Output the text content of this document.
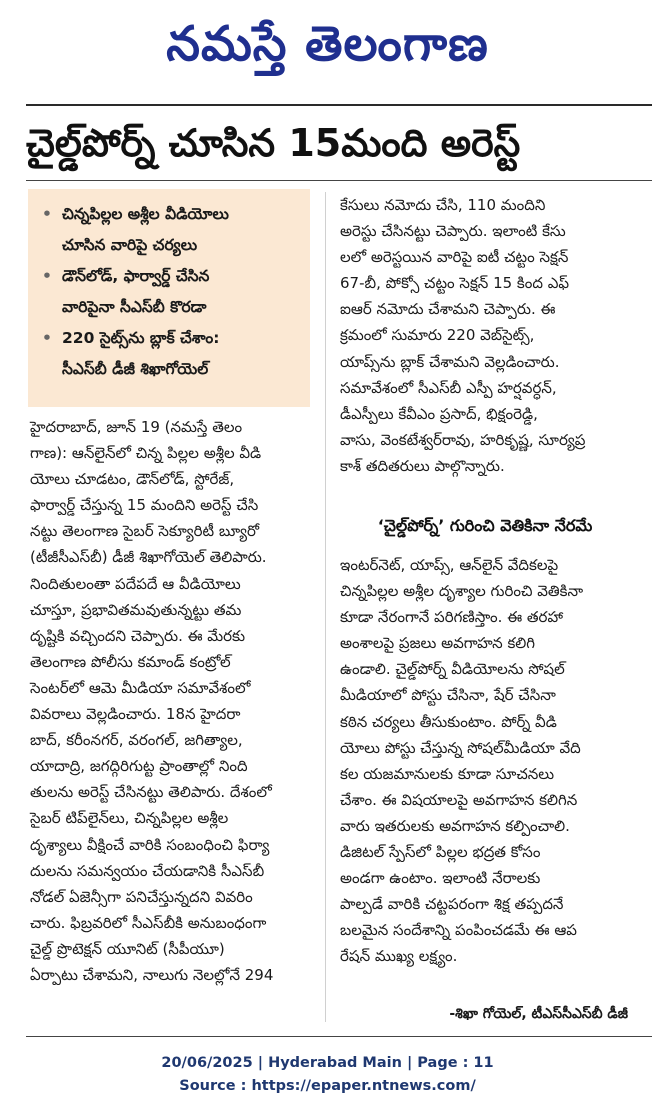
నమస్తే తెలంగాణ
చైల్డ్‌పోర్న్‌ చూసిన 15మంది అరెస్ట్
• చిన్నపిల్లల అశ్లీల వీడియోలు
చూసిన వారిపై చర్యలు
• డౌన్‌లోడ్, ఫార్వార్డ్ చేసిన
వారిపైనా సీఎస్‌బీ కొరడా
• 220 సైట్స్‌ను బ్లాక్ చేశాం:
సీఎస్‌బీ డీజీ శిఖాగోయెల్
హైదరాబాద్, జూన్ 19 (నమస్తే తెలం
గాణ): ఆన్‌లైన్‌లో చిన్న పిల్లల అశ్లీల వీడి
యోలు చూడటం, డౌన్‌లోడ్, స్టోరేజ్,
ఫార్వార్డ్ చేస్తున్న 15 మందిని అరెస్ట్ చేసి
నట్టు తెలంగాణ సైబర్ సెక్యూరిటీ బ్యూరో
(టీజీసీఎస్‌బీ) డీజీ శిఖాగోయెల్ తెలిపారు.
నిందితులంతా పదేపదే ఆ వీడియోలు
చూస్తూ, ప్రభావితమవుతున్నట్టు తమ
దృష్టికి వచ్చిందని చెప్పారు. ఈ మేరకు
తెలంగాణ పోలీసు కమాండ్ కంట్రోల్
సెంటర్‌లో ఆమె మీడియా సమావేశంలో
వివరాలు వెల్లడించారు. 18న హైదరా
బాద్, కరీంనగర్, వరంగల్, జగిత్యాల,
యాదాద్రి, జగద్గిరిగుట్ట ప్రాంతాల్లో నింది
తులను అరెస్ట్ చేసినట్టు తెలిపారు. దేశంలో
సైబర్ టిప్‌లైన్‌లు, చిన్నపిల్లల అశ్లీల
దృశ్యాలు వీక్షించే వారికి సంబంధించి ఫిర్యా
దులను సమన్వయం చేయడానికి సీఎస్‌బీ
నోడల్ ఏజెన్సీగా పనిచేస్తున్నదని వివరిం
చారు. ఫిబ్రవరిలో సీఎస్‌బీకి అనుబంధంగా
చైల్డ్ ప్రొటెక్షన్ యూనిట్ (సీపీయూ)
ఏర్పాటు చేశామని, నాలుగు నెలల్లోనే 294
కేసులు నమోదు చేసి, 110 మందిని
అరెస్టు చేసినట్టు చెప్పారు. ఇలాంటి కేసు
లలో అరెస్టయిన వారిపై ఐటీ చట్టం సెక్షన్
67-బీ, పోక్సో చట్టం సెక్షన్ 15 కింద ఎఫ్
ఐఆర్ నమోదు చేశామని చెప్పారు. ఈ
క్రమంలో సుమారు 220 వెబ్‌సైట్స్,
యాప్స్‌ను బ్లాక్ చేశామని వెల్లడించారు.
సమావేశంలో సీఎస్‌బీ ఎస్పీ హర్షవర్ధన్,
డీఎస్పీలు కేవీఎం ప్రసాద్, భిక్షంరెడ్డి,
వాసు, వెంకటేశ్వర్‌రావు, హరికృష్ణ, సూర్యప్ర
కాశ్ తదితరులు పాల్గొన్నారు.
‘చైల్డ్‌పోర్న్’ గురించి వెతికినా నేరమే
ఇంటర్‌నెట్, యాప్స్, ఆన్‌లైన్ వేదికలపై
చిన్నపిల్లల అశ్లీల దృశ్యాల గురించి వెతికినా
కూడా నేరంగానే పరిగణిస్తాం. ఈ తరహా
అంశాలపై ప్రజలు అవగాహన కలిగి
ఉండాలి. చైల్డ్‌పోర్న్ వీడియోలను సోషల్
మీడియాలో పోస్టు చేసినా, షేర్ చేసినా
కఠిన చర్యలు తీసుకుంటాం. పోర్న్ వీడి
యోలు పోస్టు చేస్తున్న సోషల్‌మీడియా వేది
కల యజమానులకు కూడా సూచనలు
చేశాం. ఈ విషయాలపై అవగాహన కలిగిన
వారు ఇతరులకు అవగాహన కల్పించాలి.
డిజిటల్ స్పేస్‌లో పిల్లల భద్రత కోసం
అండగా ఉంటాం. ఇలాంటి నేరాలకు
పాల్పడే వారికి చట్టపరంగా శిక్ష తప్పదనే
బలమైన సందేశాన్ని పంపించడమే ఈ ఆప
రేషన్ ముఖ్య లక్ష్యం.
-శిఖా గోయెల్, టీఎస్‌సీఎస్‌బీ డీజీ
20/06/2025 | Hyderabad Main | Page : 11
Source : https://epaper.ntnews.com/
